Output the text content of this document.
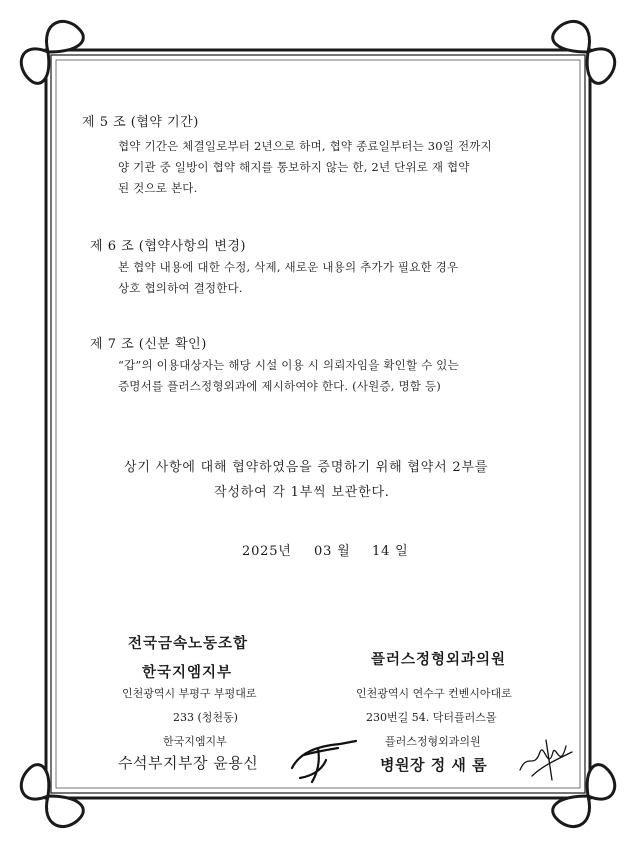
제 5 조 (협약 기간)
협약 기간은 체결일로부터 2년으로 하며, 협약 종료일부터는 30일 전까지
양 기관 중 일방이 협약 해지를 통보하지 않는 한, 2년 단위로 재 협약
된 것으로 본다.
제 6 조 (협약사항의 변경)
본 협약 내용에 대한 수정, 삭제, 새로운 내용의 추가가 필요한 경우
상호 협의하여 결정한다.
제 7 조 (신분 확인)
“갑”의 이용대상자는 해당 시설 이용 시 의뢰자임을 확인할 수 있는
증명서를 플러스정형외과에 제시하여야 한다. (사원증, 명함 등)
상기 사항에 대해 협약하였음을 증명하기 위해 협약서 2부를
작성하여 각 1부씩 보관한다.
2025년 03 월 14 일
전국금속노동조합
한국지엠지부
인천광역시 부평구 부평대로
233 (청천동)
한국지엠지부
수석부지부장 윤용신
플러스정형외과의원
인천광역시 연수구 컨벤시아대로
230번길 54. 닥터플러스몰
플러스정형외과의원
병원장 정 새 롬
